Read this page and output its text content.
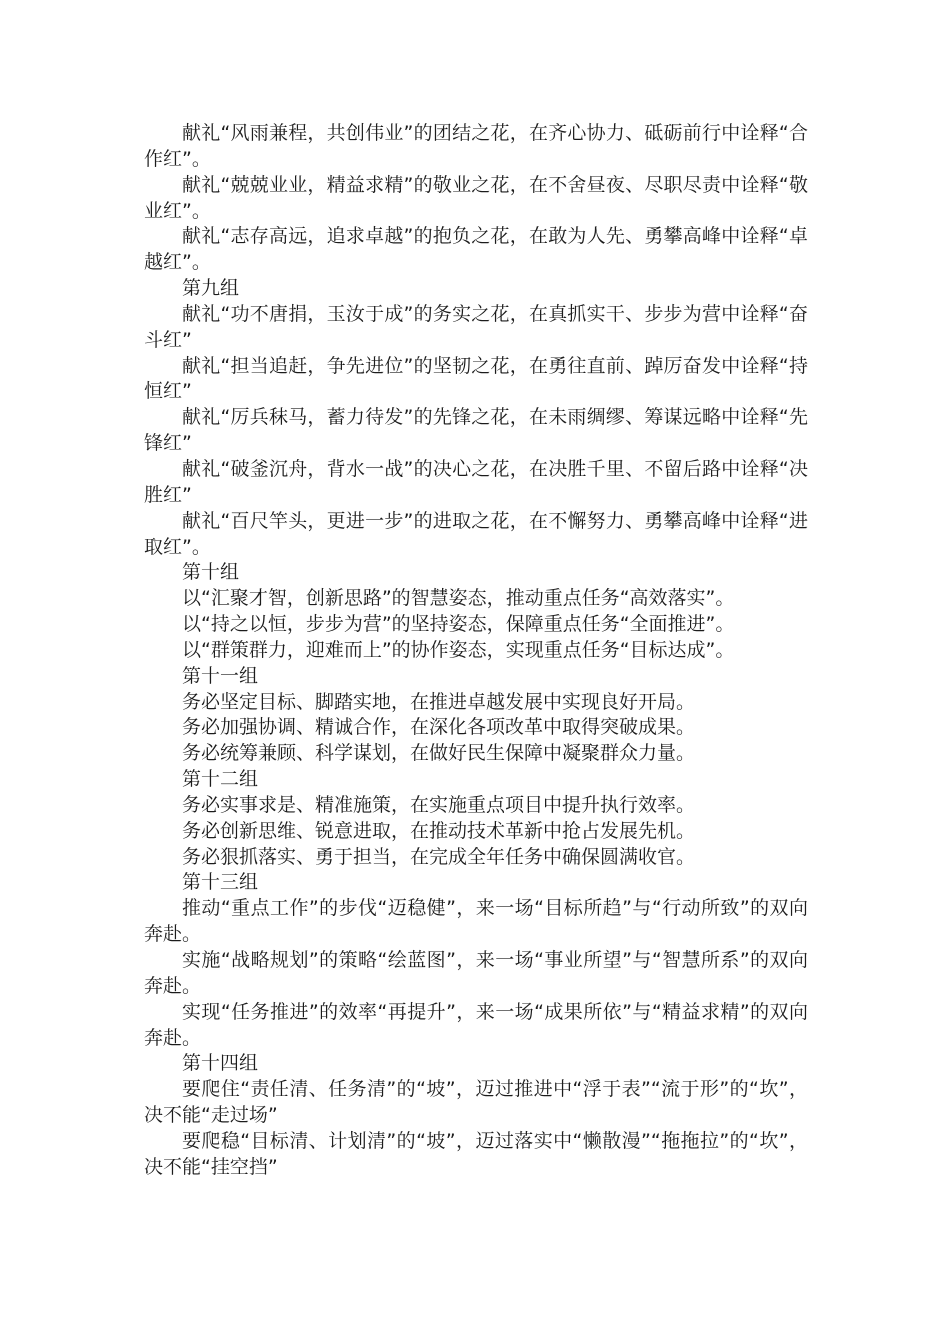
献礼“风雨兼程，共创伟业”的团结之花，在齐心协力、砥砺前行中诠释“合作红”。

献礼“兢兢业业，精益求精”的敬业之花，在不舍昼夜、尽职尽责中诠释“敬业红”。

献礼“志存高远，追求卓越”的抱负之花，在敢为人先、勇攀高峰中诠释“卓越红”。

第九组

献礼“功不唐捐，玉汝于成”的务实之花，在真抓实干、步步为营中诠释“奋斗红”

献礼“担当追赶，争先进位”的坚韧之花，在勇往直前、踔厉奋发中诠释“持恒红”

献礼“厉兵秣马，蓄力待发”的先锋之花，在未雨绸缪、筹谋远略中诠释“先锋红”

献礼“破釜沉舟，背水一战”的决心之花，在决胜千里、不留后路中诠释“决胜红”

献礼“百尺竿头，更进一步”的进取之花，在不懈努力、勇攀高峰中诠释“进取红”。

第十组

以“汇聚才智，创新思路”的智慧姿态，推动重点任务“高效落实”。

以“持之以恒，步步为营”的坚持姿态，保障重点任务“全面推进”。

以“群策群力，迎难而上”的协作姿态，实现重点任务“目标达成”。

第十一组

务必坚定目标、脚踏实地，在推进卓越发展中实现良好开局。

务必加强协调、精诚合作，在深化各项改革中取得突破成果。

务必统筹兼顾、科学谋划，在做好民生保障中凝聚群众力量。

第十二组

务必实事求是、精准施策，在实施重点项目中提升执行效率。

务必创新思维、锐意进取，在推动技术革新中抢占发展先机。

务必狠抓落实、勇于担当，在完成全年任务中确保圆满收官。

第十三组

推动“重点工作”的步伐“迈稳健”，来一场“目标所趋”与“行动所致”的双向奔赴。

实施“战略规划”的策略“绘蓝图”，来一场“事业所望”与“智慧所系”的双向奔赴。

实现“任务推进”的效率“再提升”，来一场“成果所依”与“精益求精”的双向奔赴。

第十四组

要爬住“责任清、任务清”的“坡”，迈过推进中“浮于表”“流于形”的“坎”，决不能“走过场”

要爬稳“目标清、计划清”的“坡”，迈过落实中“懒散漫”“拖拖拉”的“坎”，决不能“挂空挡”
